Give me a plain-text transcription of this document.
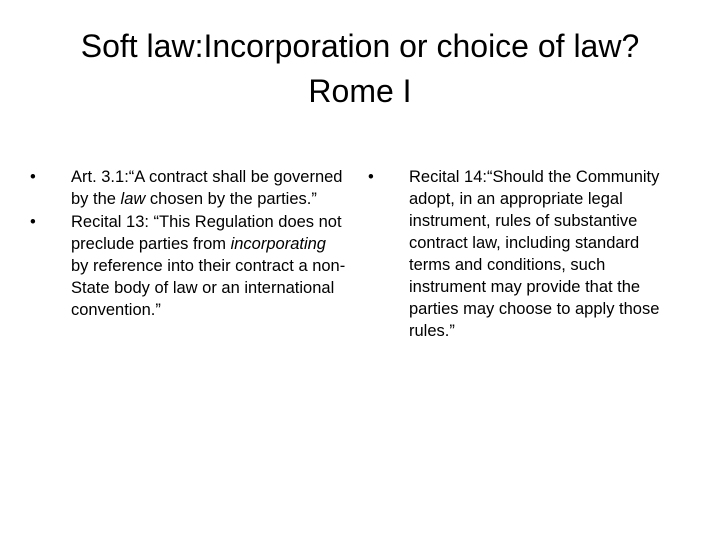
Soft law:Incorporation or choice of law?
Rome I
• Art. 3.1:“A contract shall be governed by the law chosen by the parties.”
• Recital 13: “This Regulation does not preclude parties from incorporating by reference into their contract a non-State body of law or an international convention.”
• Recital 14:“Should the Community adopt, in an appropriate legal instrument, rules of substantive contract law, including standard terms and conditions, such instrument may provide that the parties may choose to apply those rules.”
